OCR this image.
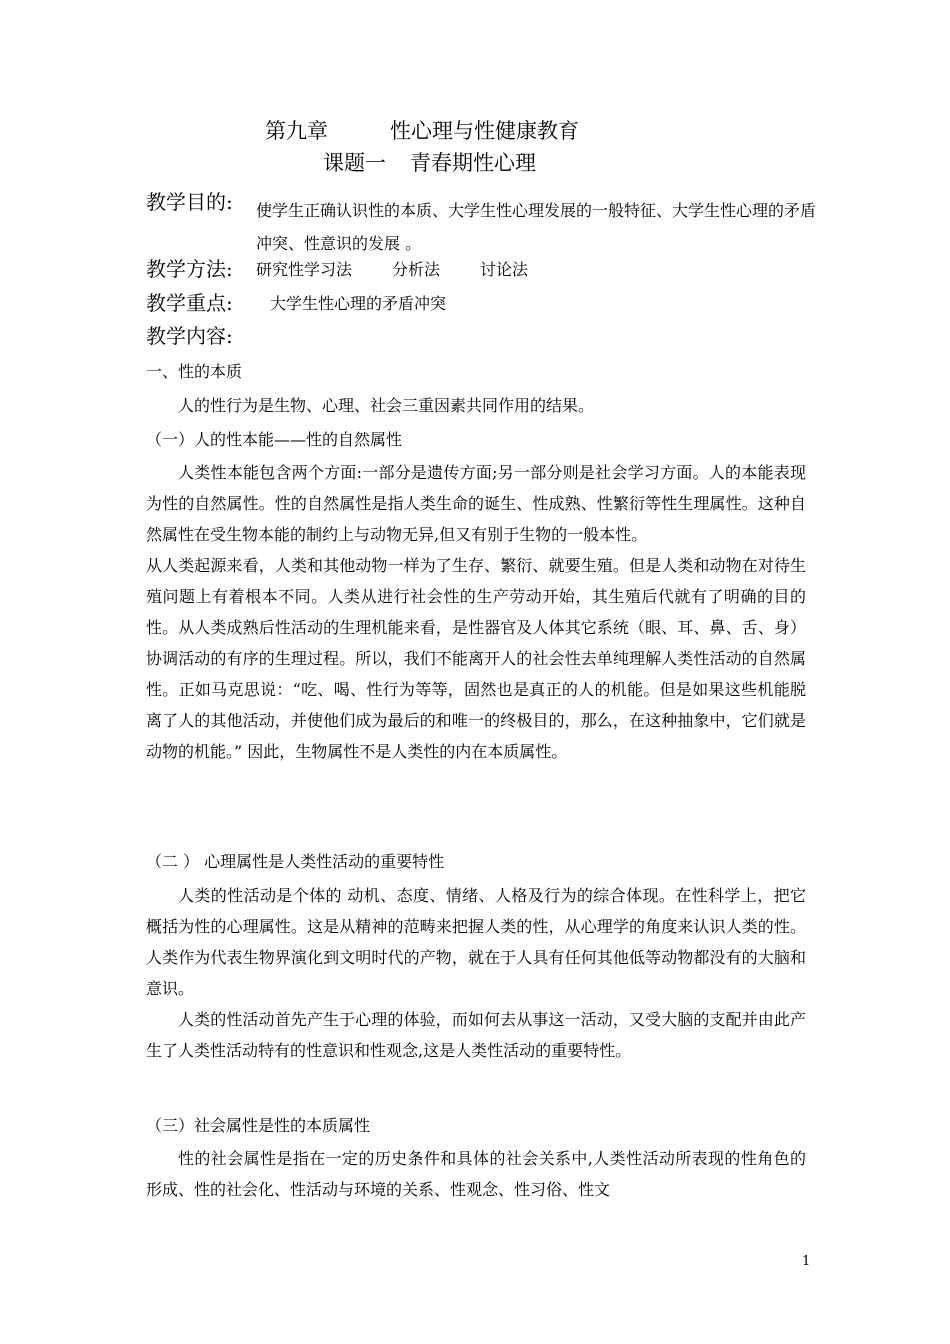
第九章	性心理与性健康教育
课题一 青春期性心理
教学目的: 使学生正确认识性的本质、大学生性心理发展的一般特征、大学生性心理的矛盾冲突、性意识的发展 。
教学方法: 研究性学习法	分析法	讨论法
教学重点: 大学生性心理的矛盾冲突
教学内容:
一、性的本质
人的性行为是生物、心理、社会三重因素共同作用的结果。
（一）人的性本能——性的自然属性

人类性本能包含两个方面:一部分是遗传方面;另一部分则是社会学习方面。人的本能表现为性的自然属性。性的自然属性是指人类生命的诞生、性成熟、性繁衍等性生理属性。这种自然属性在受生物本能的制约上与动物无异,但又有别于生物的一般本性。

从人类起源来看，人类和其他动物一样为了生存、繁衍、就要生殖。但是人类和动物在对待生殖问题上有着根本不同。人类从进行社会性的生产劳动开始，其生殖后代就有了明确的目的性。从人类成熟后性活动的生理机能来看，是性器官及人体其它系统（眼、耳、鼻、舌、身）协调活动的有序的生理过程。所以，我们不能离开人的社会性去单纯理解人类性活动的自然属性。正如马克思说：“吃、喝、性行为等等，固然也是真正的人的机能。但是如果这些机能脱离了人的其他活动，并使他们成为最后的和唯一的终极目的，那么，在这种抽象中，它们就是动物的机能。” 因此，生物属性不是人类性的内在本质属性。

（二 ） 心理属性是人类性活动的重要特性

人类的性活动是个体的 动机、态度、情绪、人格及行为的综合体现。在性科学上，把它概括为性的心理属性。这是从精神的范畴来把握人类的性，从心理学的角度来认识人类的性。人类作为代表生物界演化到文明时代的产物，就在于人具有任何其他低等动物都没有的大脑和意识。

人类的性活动首先产生于心理的体验，而如何去从事这一活动，又受大脑的支配并由此产生了人类性活动特有的性意识和性观念,这是人类性活动的重要特性。

（三）社会属性是性的本质属性

性的社会属性是指在一定的历史条件和具体的社会关系中,人类性活动所表现的性角色的形成、性的社会化、性活动与环境的关系、性观念、性习俗、性文

1
